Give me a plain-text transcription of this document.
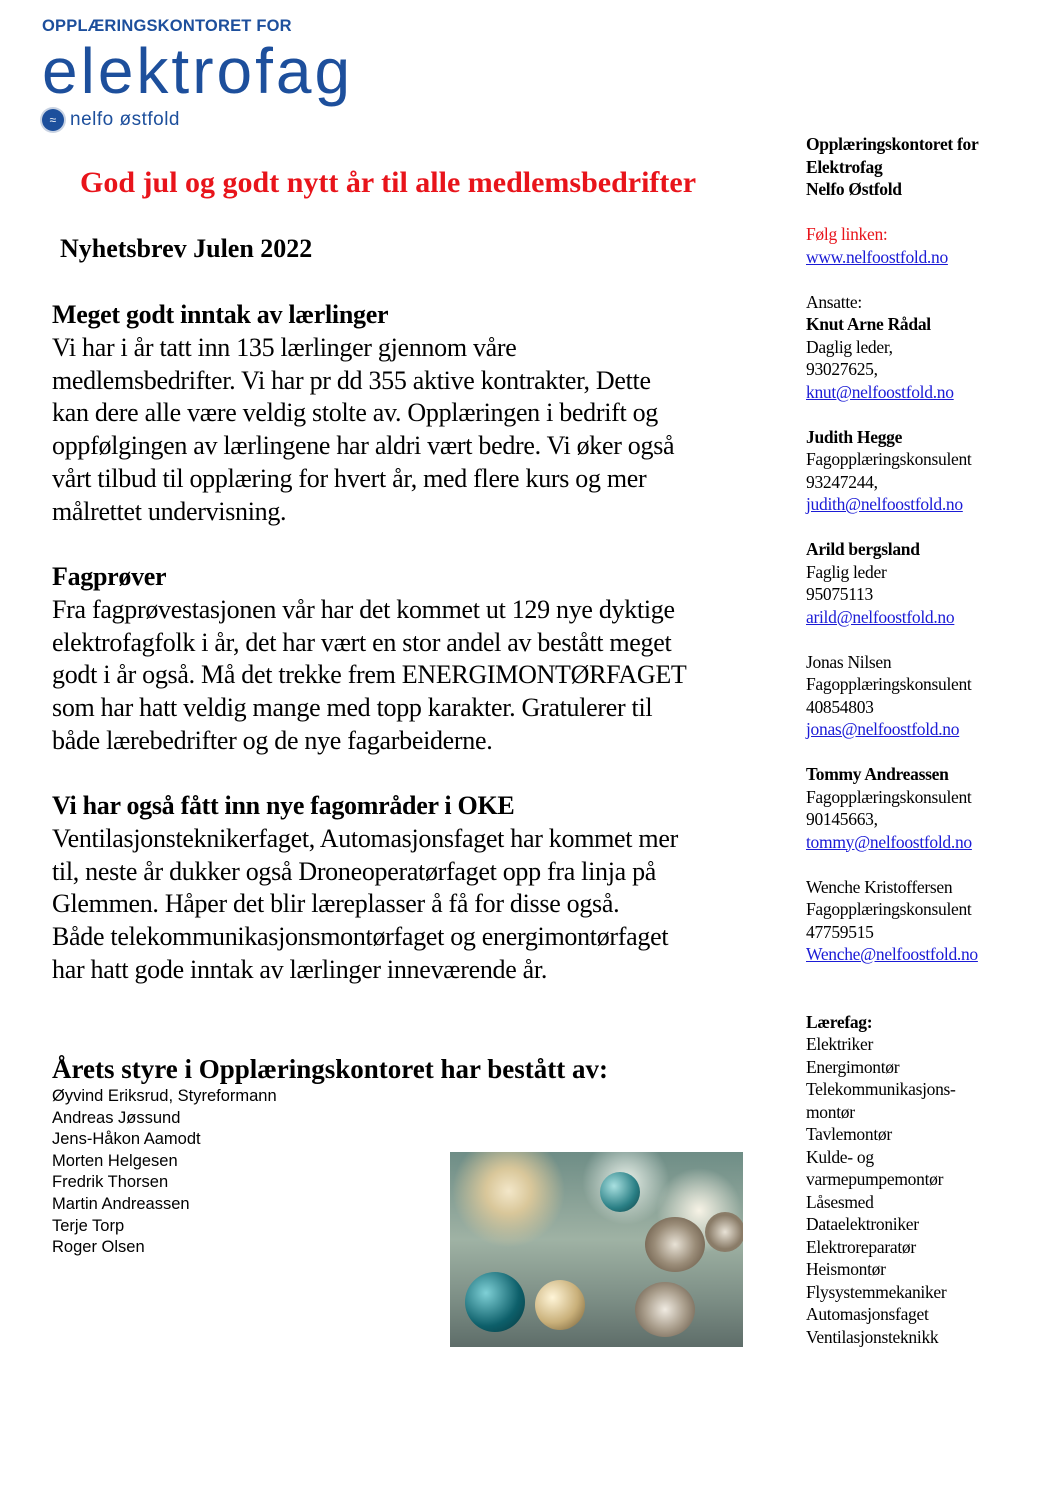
OPPLÆRINGSKONTORET FOR
elektrofag
≈ nelfo østfold
God jul og godt nytt år til alle medlemsbedrifter
Nyhetsbrev Julen 2022
Meget godt inntak av lærlinger
Vi har i år tatt inn 135 lærlinger gjennom våre
medlemsbedrifter. Vi har pr dd 355 aktive kontrakter, Dette
kan dere alle være veldig stolte av. Opplæringen i bedrift og
oppfølgingen av lærlingene har aldri vært bedre. Vi øker også
vårt tilbud til opplæring for hvert år, med flere kurs og mer
målrettet undervisning.
Fagprøver
Fra fagprøvestasjonen vår har det kommet ut 129 nye dyktige
elektrofagfolk i år, det har vært en stor andel av bestått meget
godt i år også. Må det trekke frem ENERGIMONTØRFAGET
som har hatt veldig mange med topp karakter. Gratulerer til
både lærebedrifter og de nye fagarbeiderne.
Vi har også fått inn nye fagområder i OKE
Ventilasjonsteknikerfaget, Automasjonsfaget har kommet mer
til, neste år dukker også Droneoperatørfaget opp fra linja på
Glemmen. Håper det blir læreplasser å få for disse også.
Både telekommunikasjonsmontørfaget og energimontørfaget
har hatt gode inntak av lærlinger inneværende år.
Årets styre i Opplæringskontoret har bestått av:
Øyvind Eriksrud, Styreformann
Andreas Jøssund
Jens-Håkon Aamodt
Morten Helgesen
Fredrik Thorsen
Martin Andreassen
Terje Torp
Roger Olsen
Opplæringskontoret for
Elektrofag
Nelfo Østfold
Følg linken:
www.nelfoostfold.no
Ansatte:
Knut Arne Rådal
Daglig leder,
93027625,
knut@nelfoostfold.no
Judith Hegge
Fagopplæringskonsulent
93247244,
judith@nelfoostfold.no
Arild bergsland
Faglig leder
95075113
arild@nelfoostfold.no
Jonas Nilsen
Fagopplæringskonsulent
40854803
jonas@nelfoostfold.no
Tommy Andreassen
Fagopplæringskonsulent
90145663,
tommy@nelfoostfold.no
Wenche Kristoffersen
Fagopplæringskonsulent
47759515
Wenche@nelfoostfold.no
Lærefag:
Elektriker
Energimontør
Telekommunikasjons-
montør
Tavlemontør
Kulde- og
varmepumpemontør
Låsesmed
Dataelektroniker
Elektroreparatør
Heismontør
Flysystemmekaniker
Automasjonsfaget
Ventilasjonsteknikk
